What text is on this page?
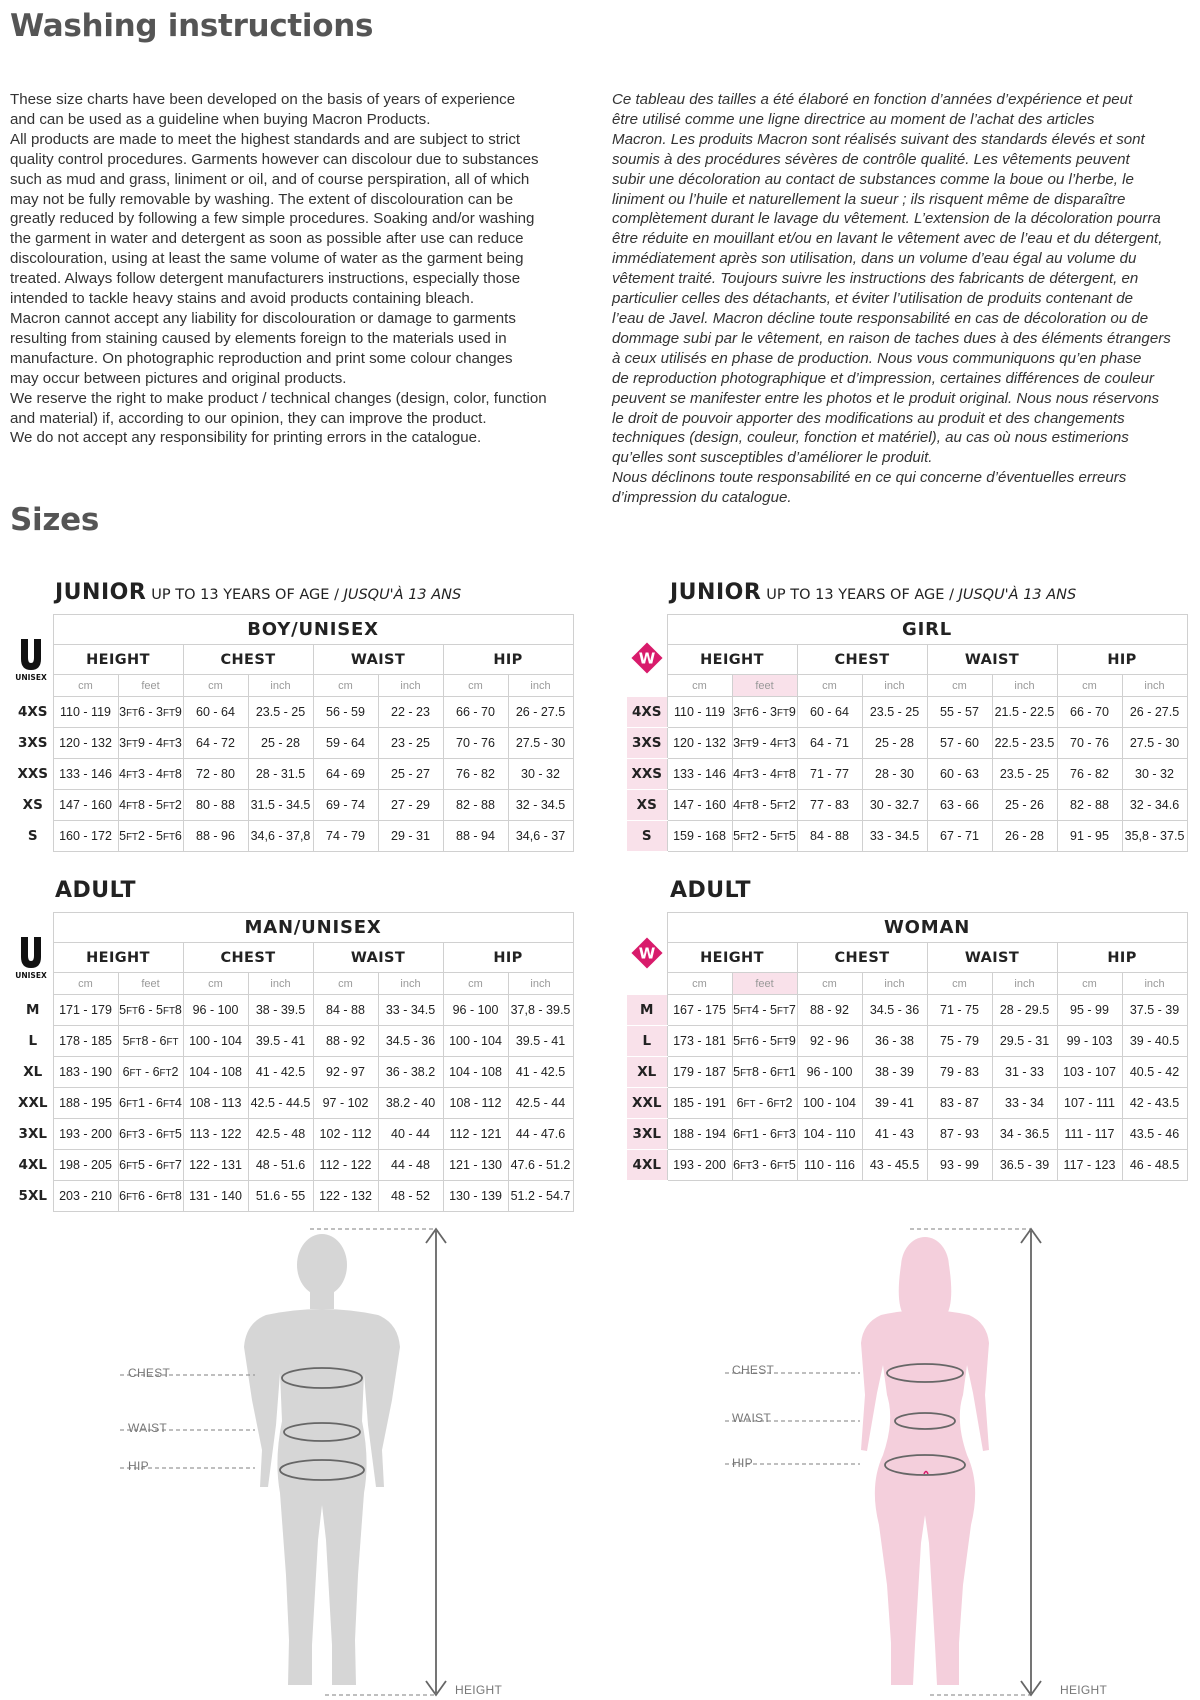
Washing instructions

These size charts have been developed on the basis of years of experience

and can be used as a guideline when buying Macron Products.

All products are made to meet the highest standards and are subject to strict

quality control procedures. Garments however can discolour due to substances

such as mud and grass, liniment or oil, and of course perspiration, all of which

may not be fully removable by washing. The extent of discolouration can be

greatly reduced by following a few simple procedures. Soaking and/or washing

the garment in water and detergent as soon as possible after use can reduce

discolouration, using at least the same volume of water as the garment being

treated. Always follow detergent manufacturers instructions, especially those

intended to tackle heavy stains and avoid products containing bleach.

Macron cannot accept any liability for discolouration or damage to garments

resulting from staining caused by elements foreign to the materials used in

manufacture. On photographic reproduction and print some colour changes

may occur between pictures and original products.

We reserve the right to make product / technical changes (design, color, function

and material) if, according to our opinion, they can improve the product.

We do not accept any responsibility for printing errors in the catalogue.

Ce tableau des tailles a été élaboré en fonction d’années d’expérience et peut

être utilisé comme une ligne directrice au moment de l’achat des articles

Macron. Les produits Macron sont réalisés suivant des standards élevés et sont

soumis à des procédures sévères de contrôle qualité. Les vêtements peuvent

subir une décoloration au contact de substances comme la boue ou l’herbe, le

liniment ou l’huile et naturellement la sueur ; ils risquent même de disparaître

complètement durant le lavage du vêtement. L’extension de la décoloration pourra

être réduite en mouillant et/ou en lavant le vêtement avec de l’eau et du détergent,

immédiatement après son utilisation, dans un volume d’eau égal au volume du

vêtement traité. Toujours suivre les instructions des fabricants de détergent, en

particulier celles des détachants, et éviter l’utilisation de produits contenant de

l’eau de Javel. Macron décline toute responsabilité en cas de décoloration ou de

dommage subi par le vêtement, en raison de taches dues à des éléments étrangers

à ceux utilisés en phase de production. Nous vous communiquons qu’en phase

de reproduction photographique et d’impression, certaines différences de couleur

peuvent se manifester entre les photos et le produit original. Nous nous réservons

le droit de pouvoir apporter des modifications au produit et des changements

techniques (design, couleur, fonction et matériel), au cas où nous estimerions

qu’elles sont susceptibles d’améliorer le produit.

Nous déclinons toute responsabilité en ce qui concerne d’éventuelles erreurs

d’impression du catalogue.

Sizes
JUNIOR UP TO 13 YEARS OF AGE / JUSQU'À 13 ANS	JUNIOR UP TO 13 YEARS OF AGE / JUSQU'À 13 ANS
ADULT	ADULT
UNISEX
UNISEX
W
W
	BOY/UNISEX							
	HEIGHT		CHEST		WAIST		HIP	
	cm	feet	cm	inch	cm	inch	cm	inch
4XS	110 - 119	3FT6 - 3FT9	60 - 64	23.5 - 25	56 - 59	22 - 23	66 - 70	26 - 27.5
3XS	120 - 132	3FT9 - 4FT3	64 - 72	25 - 28	59 - 64	23 - 25	70 - 76	27.5 - 30
XXS	133 - 146	4FT3 - 4FT8	72 - 80	28 - 31.5	64 - 69	25 - 27	76 - 82	30 - 32
XS	147 - 160	4FT8 - 5FT2	80 - 88	31.5 - 34.5	69 - 74	27 - 29	82 - 88	32 - 34.5
S	160 - 172	5FT2 - 5FT6	88 - 96	34,6 - 37,8	74 - 79	29 - 31	88 - 94	34,6 - 37
	GIRL							
	HEIGHT		CHEST		WAIST		HIP	
	cm	feet	cm	inch	cm	inch	cm	inch
4XS	110 - 119	3FT6 - 3FT9	60 - 64	23.5 - 25	55 - 57	21.5 - 22.5	66 - 70	26 - 27.5
3XS	120 - 132	3FT9 - 4FT3	64 - 71	25 - 28	57 - 60	22.5 - 23.5	70 - 76	27.5 - 30
XXS	133 - 146	4FT3 - 4FT8	71 - 77	28 - 30	60 - 63	23.5 - 25	76 - 82	30 - 32
XS	147 - 160	4FT8 - 5FT2	77 - 83	30 - 32.7	63 - 66	25 - 26	82 - 88	32 - 34.6
S	159 - 168	5FT2 - 5FT5	84 - 88	33 - 34.5	67 - 71	26 - 28	91 - 95	35,8 - 37.5
	MAN/UNISEX							
	HEIGHT		CHEST		WAIST		HIP	
	cm	feet	cm	inch	cm	inch	cm	inch
M	171 - 179	5FT6 - 5FT8	96 - 100	38 - 39.5	84 - 88	33 - 34.5	96 - 100	37,8 - 39.5
L	178 - 185	5FT8 - 6FT	100 - 104	39.5 - 41	88 - 92	34.5 - 36	100 - 104	39.5 - 41
XL	183 - 190	6FT - 6FT2	104 - 108	41 - 42.5	92 - 97	36 - 38.2	104 - 108	41 - 42.5
XXL	188 - 195	6FT1 - 6FT4	108 - 113	42.5 - 44.5	97 - 102	38.2 - 40	108 - 112	42.5 - 44
3XL	193 - 200	6FT3 - 6FT5	113 - 122	42.5 - 48	102 - 112	40 - 44	112 - 121	44 - 47.6
4XL	198 - 205	6FT5 - 6FT7	122 - 131	48 - 51.6	112 - 122	44 - 48	121 - 130	47.6 - 51.2
5XL	203 - 210	6FT6 - 6FT8	131 - 140	51.6 - 55	122 - 132	48 - 52	130 - 139	51.2 - 54.7
	WOMAN							
	HEIGHT		CHEST		WAIST		HIP	
	cm	feet	cm	inch	cm	inch	cm	inch
M	167 - 175	5FT4 - 5FT7	88 - 92	34.5 - 36	71 - 75	28 - 29.5	95 - 99	37.5 - 39
L	173 - 181	5FT6 - 5FT9	92 - 96	36 - 38	75 - 79	29.5 - 31	99 - 103	39 - 40.5
XL	179 - 187	5FT8 - 6FT1	96 - 100	38 - 39	79 - 83	31 - 33	103 - 107	40.5 - 42
XXL	185 - 191	6FT - 6FT2	100 - 104	39 - 41	83 - 87	33 - 34	107 - 111	42 - 43.5
3XL	188 - 194	6FT1 - 6FT3	104 - 110	41 - 43	87 - 93	34 - 36.5	111 - 117	43.5 - 46
4XL	193 - 200	6FT3 - 6FT5	110 - 116	43 - 45.5	93 - 99	36.5 - 39	117 - 123	46 - 48.5
CHEST
WAIST
HIP
HEIGHT
CHEST
WAIST
HIP
HEIGHT
